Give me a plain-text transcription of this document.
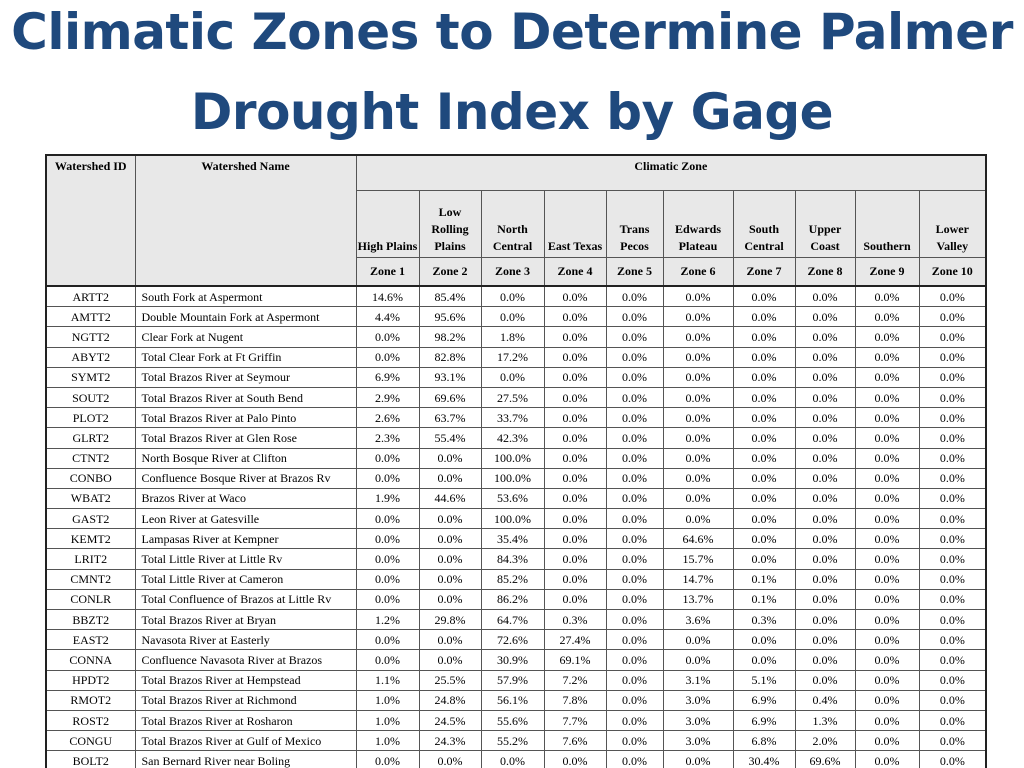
Climatic Zones to Determine Palmer
Drought Index by Gage
Watershed ID	Watershed Name	Climatic Zone									
		High Plains	Low Rolling Plains	North Central	East Texas	Trans Pecos	Edwards Plateau	South Central	Upper Coast	Southern	Lower Valley
		Zone 1	Zone 2	Zone 3	Zone 4	Zone 5	Zone 6	Zone 7	Zone 8	Zone 9	Zone 10
ARTT2	South Fork at Aspermont	14.6%	85.4%	0.0%	0.0%	0.0%	0.0%	0.0%	0.0%	0.0%	0.0%
AMTT2	Double Mountain Fork at Aspermont	4.4%	95.6%	0.0%	0.0%	0.0%	0.0%	0.0%	0.0%	0.0%	0.0%
NGTT2	Clear Fork at Nugent	0.0%	98.2%	1.8%	0.0%	0.0%	0.0%	0.0%	0.0%	0.0%	0.0%
ABYT2	Total Clear Fork at Ft Griffin	0.0%	82.8%	17.2%	0.0%	0.0%	0.0%	0.0%	0.0%	0.0%	0.0%
SYMT2	Total Brazos River at Seymour	6.9%	93.1%	0.0%	0.0%	0.0%	0.0%	0.0%	0.0%	0.0%	0.0%
SOUT2	Total Brazos River at South Bend	2.9%	69.6%	27.5%	0.0%	0.0%	0.0%	0.0%	0.0%	0.0%	0.0%
PLOT2	Total Brazos River at Palo Pinto	2.6%	63.7%	33.7%	0.0%	0.0%	0.0%	0.0%	0.0%	0.0%	0.0%
GLRT2	Total Brazos River at Glen Rose	2.3%	55.4%	42.3%	0.0%	0.0%	0.0%	0.0%	0.0%	0.0%	0.0%
CTNT2	North Bosque River at Clifton	0.0%	0.0%	100.0%	0.0%	0.0%	0.0%	0.0%	0.0%	0.0%	0.0%
CONBO	Confluence Bosque River at Brazos Rv	0.0%	0.0%	100.0%	0.0%	0.0%	0.0%	0.0%	0.0%	0.0%	0.0%
WBAT2	Brazos River at Waco	1.9%	44.6%	53.6%	0.0%	0.0%	0.0%	0.0%	0.0%	0.0%	0.0%
GAST2	Leon River at Gatesville	0.0%	0.0%	100.0%	0.0%	0.0%	0.0%	0.0%	0.0%	0.0%	0.0%
KEMT2	Lampasas River at Kempner	0.0%	0.0%	35.4%	0.0%	0.0%	64.6%	0.0%	0.0%	0.0%	0.0%
LRIT2	Total Little River at Little Rv	0.0%	0.0%	84.3%	0.0%	0.0%	15.7%	0.0%	0.0%	0.0%	0.0%
CMNT2	Total Little River at Cameron	0.0%	0.0%	85.2%	0.0%	0.0%	14.7%	0.1%	0.0%	0.0%	0.0%
CONLR	Total Confluence of Brazos at Little Rv	0.0%	0.0%	86.2%	0.0%	0.0%	13.7%	0.1%	0.0%	0.0%	0.0%
BBZT2	Total Brazos River at Bryan	1.2%	29.8%	64.7%	0.3%	0.0%	3.6%	0.3%	0.0%	0.0%	0.0%
EAST2	Navasota River at Easterly	0.0%	0.0%	72.6%	27.4%	0.0%	0.0%	0.0%	0.0%	0.0%	0.0%
CONNA	Confluence Navasota River at Brazos	0.0%	0.0%	30.9%	69.1%	0.0%	0.0%	0.0%	0.0%	0.0%	0.0%
HPDT2	Total Brazos River at Hempstead	1.1%	25.5%	57.9%	7.2%	0.0%	3.1%	5.1%	0.0%	0.0%	0.0%
RMOT2	Total Brazos River at Richmond	1.0%	24.8%	56.1%	7.8%	0.0%	3.0%	6.9%	0.4%	0.0%	0.0%
ROST2	Total Brazos River at Rosharon	1.0%	24.5%	55.6%	7.7%	0.0%	3.0%	6.9%	1.3%	0.0%	0.0%
CONGU	Total Brazos River at Gulf of Mexico	1.0%	24.3%	55.2%	7.6%	0.0%	3.0%	6.8%	2.0%	0.0%	0.0%
BOLT2	San Bernard River near Boling	0.0%	0.0%	0.0%	0.0%	0.0%	0.0%	30.4%	69.6%	0.0%	0.0%
